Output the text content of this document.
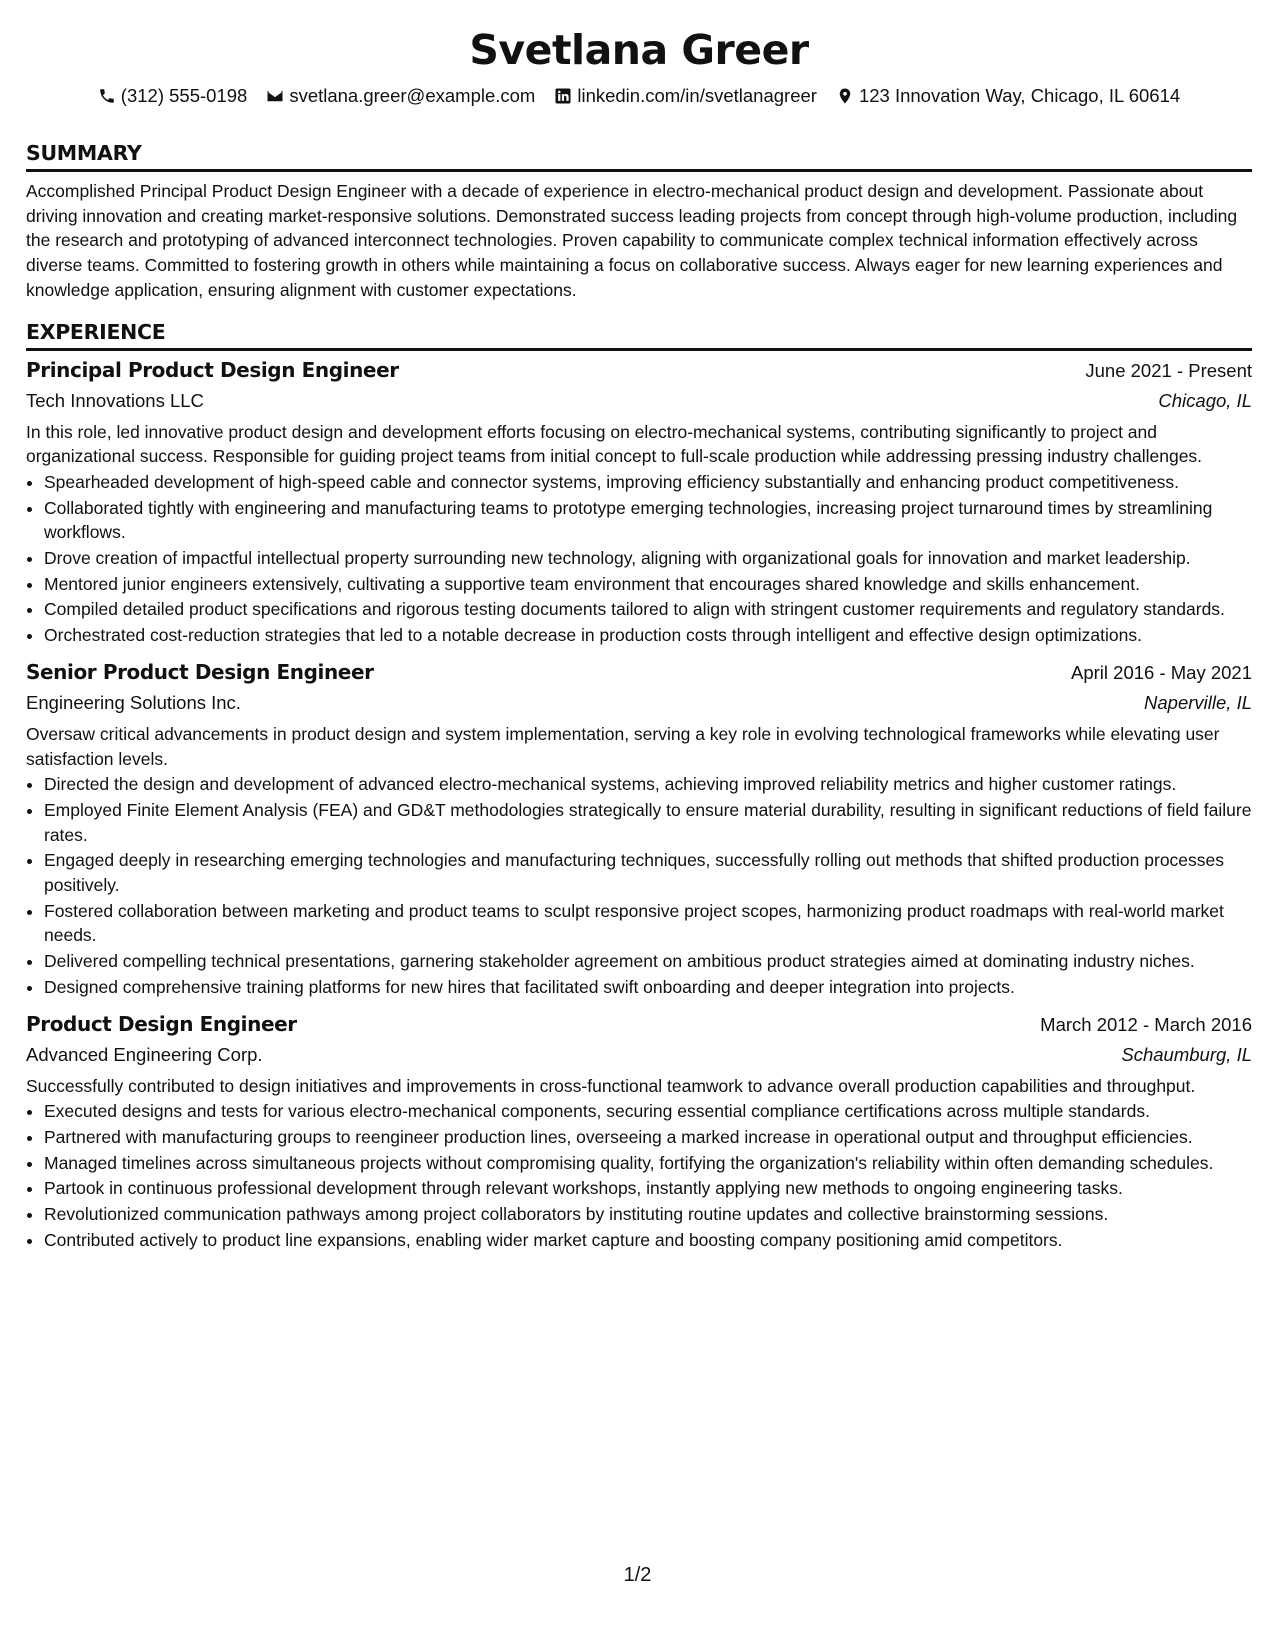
Svetlana Greer
(312) 555-0198 svetlana.greer@example.com linkedin.com/in/svetlanagreer 123 Innovation Way, Chicago, IL 60614
SUMMARY
Accomplished Principal Product Design Engineer with a decade of experience in electro-mechanical product design and development. Passionate about driving innovation and creating market-responsive solutions. Demonstrated success leading projects from concept through high-volume production, including the research and prototyping of advanced interconnect technologies. Proven capability to communicate complex technical information effectively across diverse teams. Committed to fostering growth in others while maintaining a focus on collaborative success. Always eager for new learning experiences and knowledge application, ensuring alignment with customer expectations.
EXPERIENCE
Principal Product Design Engineer	June 2021 - Present
Tech Innovations LLC	Chicago, IL
In this role, led innovative product design and development efforts focusing on electro-mechanical systems, contributing significantly to project and organizational success. Responsible for guiding project teams from initial concept to full-scale production while addressing pressing industry challenges.
• Spearheaded development of high-speed cable and connector systems, improving efficiency substantially and enhancing product competitiveness.
• Collaborated tightly with engineering and manufacturing teams to prototype emerging technologies, increasing project turnaround times by streamlining workflows.
• Drove creation of impactful intellectual property surrounding new technology, aligning with organizational goals for innovation and market leadership.
• Mentored junior engineers extensively, cultivating a supportive team environment that encourages shared knowledge and skills enhancement.
• Compiled detailed product specifications and rigorous testing documents tailored to align with stringent customer requirements and regulatory standards.
• Orchestrated cost-reduction strategies that led to a notable decrease in production costs through intelligent and effective design optimizations.
Senior Product Design Engineer	April 2016 - May 2021
Engineering Solutions Inc.	Naperville, IL
Oversaw critical advancements in product design and system implementation, serving a key role in evolving technological frameworks while elevating user satisfaction levels.
• Directed the design and development of advanced electro-mechanical systems, achieving improved reliability metrics and higher customer ratings.
• Employed Finite Element Analysis (FEA) and GD&T methodologies strategically to ensure material durability, resulting in significant reductions of field failure rates.
• Engaged deeply in researching emerging technologies and manufacturing techniques, successfully rolling out methods that shifted production processes positively.
• Fostered collaboration between marketing and product teams to sculpt responsive project scopes, harmonizing product roadmaps with real-world market needs.
• Delivered compelling technical presentations, garnering stakeholder agreement on ambitious product strategies aimed at dominating industry niches.
• Designed comprehensive training platforms for new hires that facilitated swift onboarding and deeper integration into projects.
Product Design Engineer	March 2012 - March 2016
Advanced Engineering Corp.	Schaumburg, IL
Successfully contributed to design initiatives and improvements in cross-functional teamwork to advance overall production capabilities and throughput.
• Executed designs and tests for various electro-mechanical components, securing essential compliance certifications across multiple standards.
• Partnered with manufacturing groups to reengineer production lines, overseeing a marked increase in operational output and throughput efficiencies.
• Managed timelines across simultaneous projects without compromising quality, fortifying the organization's reliability within often demanding schedules.
• Partook in continuous professional development through relevant workshops, instantly applying new methods to ongoing engineering tasks.
• Revolutionized communication pathways among project collaborators by instituting routine updates and collective brainstorming sessions.
• Contributed actively to product line expansions, enabling wider market capture and boosting company positioning amid competitors.
1/2
